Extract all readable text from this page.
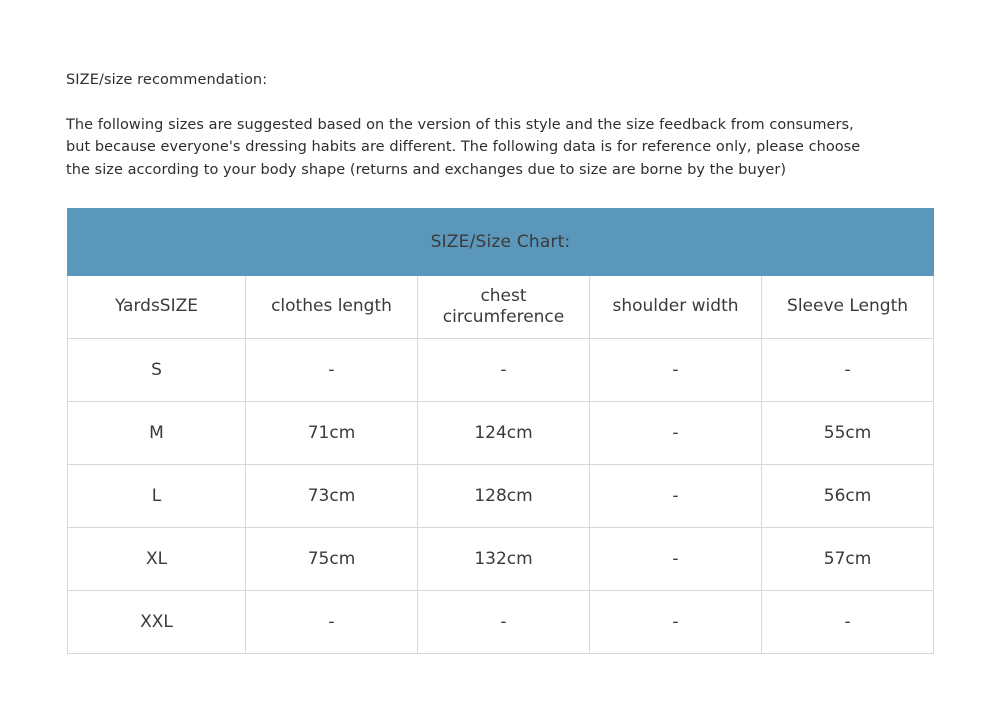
SIZE/size recommendation:

The following sizes are suggested based on the version of this style and the size feedback from consumers,
but because everyone's dressing habits are different. The following data is for reference only, please choose
the size according to your body shape (returns and exchanges due to size are borne by the buyer)

SIZE/Size Chart:				
YardsSIZE	clothes length	chest circumference	shoulder width	Sleeve Length
S	-	-	-	-
M	71cm	124cm	-	55cm
L	73cm	128cm	-	56cm
XL	75cm	132cm	-	57cm
XXL	-	-	-	-
